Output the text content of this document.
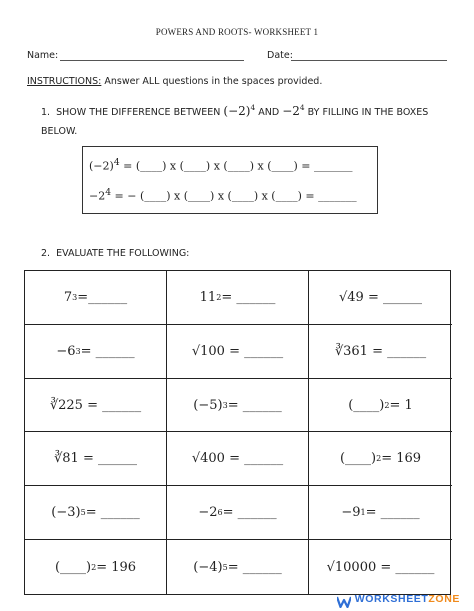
POWERS AND ROOTS- WORKSHEET 1
Name:	Date:
INSTRUCTIONS: Answer ALL questions in the spaces provided.
1. SHOW THE DIFFERENCE BETWEEN $(-2)^4$ AND $-2^4$ BY FILLING IN THE BOXES BELOW.
$(-2)^4$ = (____) x (____) x (____) x (____) = _______
$-2^4$ = − (____) x (____) x (____) x (____) = _______
2. EVALUATE THE FOLLOWING:
7 3 =______	11 2 = ______	√49 = ______
−6 3 = ______	√100 = ______	∛361 = ______
∛225 = ______	(−5) 3 = ______	(____) 2 = 1
∛81 = ______	√400 = ______	(____) 2 = 169
(−3) 5 = ______	−2 6 = ______	−9 1 = ______
(____) 2 = 196	(−4) 5 = ______	√10000 = ______
WORKSHEETZONE
